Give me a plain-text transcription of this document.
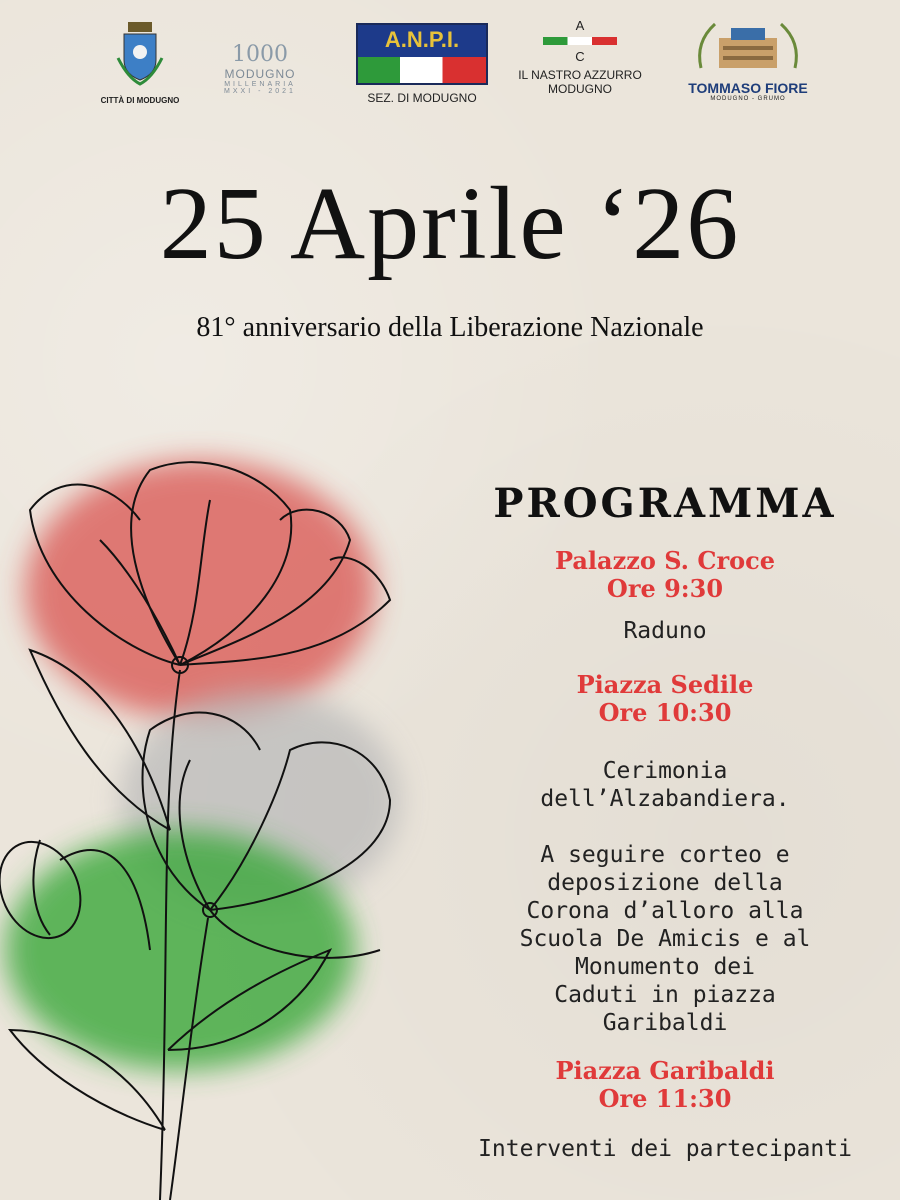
CITTÀ DI MODUGNO
1000
MODUGNO
MILLENARIA
MXXI - 2021
A.N.P.I.
SEZ. DI MODUGNO
A
C
IL NASTRO AZZURRO
MODUGNO	TOMMASO FIORE
MODUGNO - GRUMO
25 Aprile ‘26
81° anniversario della Liberazione Nazionale
PROGRAMMA
Palazzo S. Croce
Ore 9:30
Raduno
Piazza Sedile
Ore 10:30
Cerimonia
dell’Alzabandiera.

A seguire corteo e
deposizione della
Corona d’alloro alla
Scuola De Amicis e al
Monumento dei
Caduti in piazza
Garibaldi
Piazza Garibaldi
Ore 11:30
Interventi dei partecipanti
